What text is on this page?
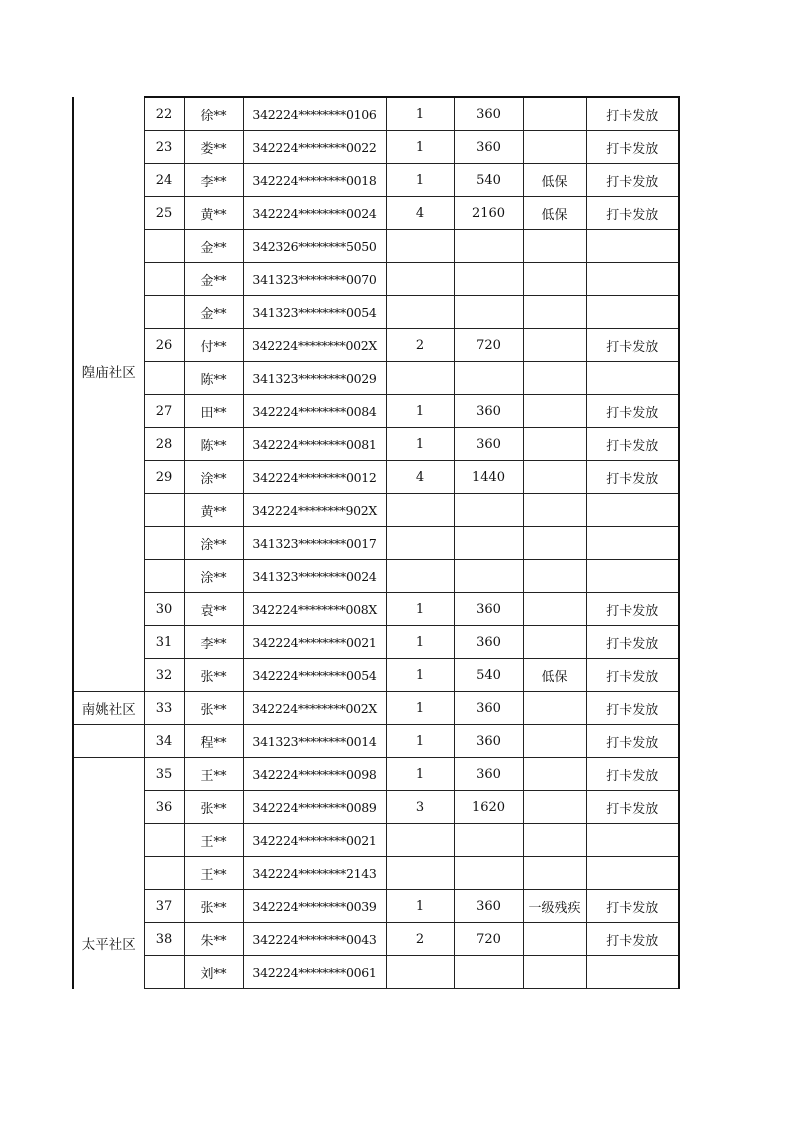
隍庙社区	22	徐**	342224********0106	1	360		打卡发放
	23	娄**	342224********0022	1	360		打卡发放
	24	李**	342224********0018	1	540	低保	打卡发放
	25	黄**	342224********0024	4	2160	低保	打卡发放
		金**	342326********5050				
		金**	341323********0070				
		金**	341323********0054				
	26	付**	342224********002X	2	720		打卡发放
		陈**	341323********0029				
	27	田**	342224********0084	1	360		打卡发放
	28	陈**	342224********0081	1	360		打卡发放
	29	涂**	342224********0012	4	1440		打卡发放
		黄**	342224********902X				
		涂**	341323********0017				
		涂**	341323********0024				
	30	袁**	342224********008X	1	360		打卡发放
	31	李**	342224********0021	1	360		打卡发放
	32	张**	342224********0054	1	540	低保	打卡发放
南姚社区	33	张**	342224********002X	1	360		打卡发放
	34	程**	341323********0014	1	360		打卡发放
太平社区	35	王**	342224********0098	1	360		打卡发放
	36	张**	342224********0089	3	1620		打卡发放
		王**	342224********0021				
		王**	342224********2143				
	37	张**	342224********0039	1	360	一级残疾	打卡发放
	38	朱**	342224********0043	2	720		打卡发放
		刘**	342224********0061				
